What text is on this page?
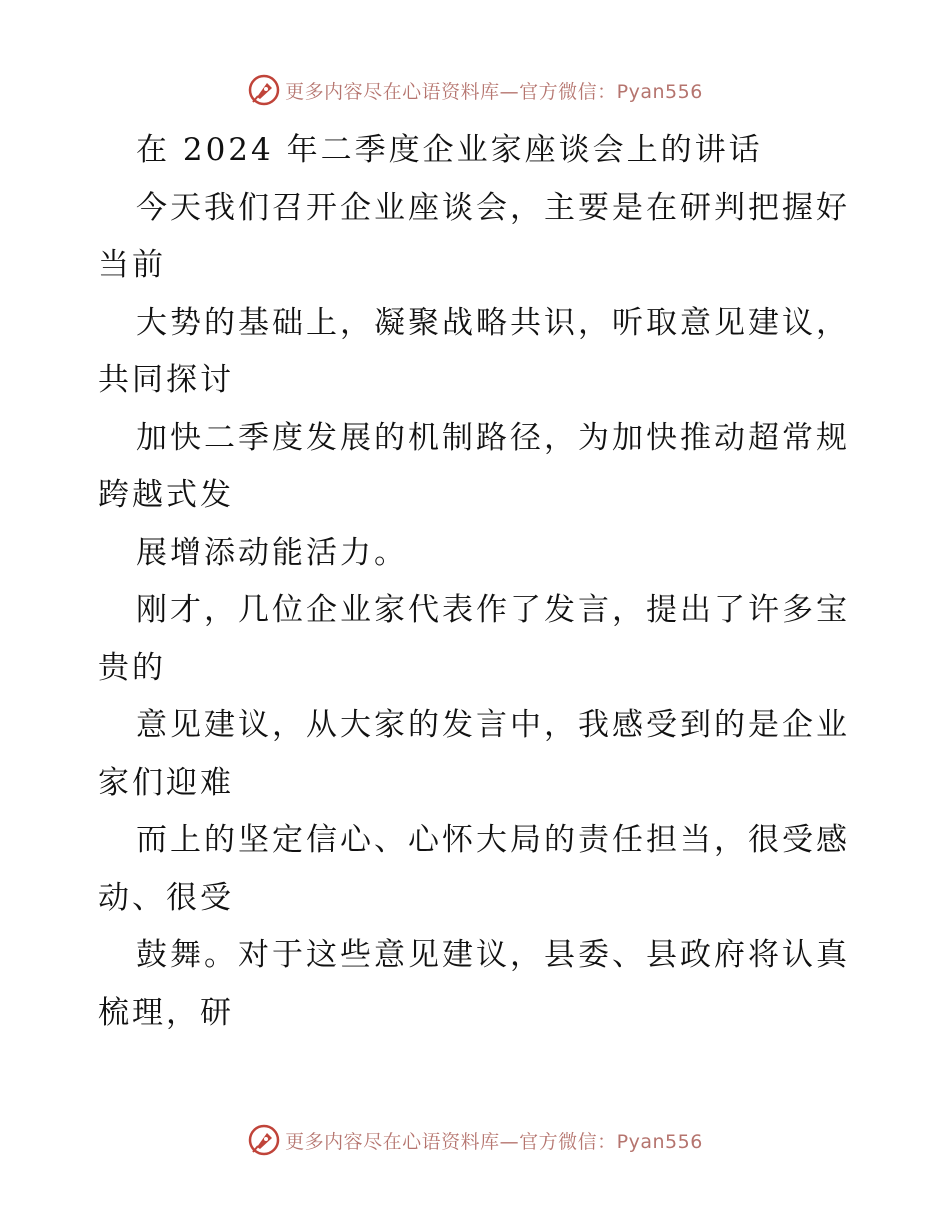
更多内容尽在心语资料库—官方微信：Pyan556
在 2024 年二季度企业家座谈会上的讲话
今天我们召开企业座谈会，主要是在研判把握好
当前
大势的基础上，凝聚战略共识，听取意见建议，
共同探讨
加快二季度发展的机制路径，为加快推动超常规
跨越式发
展增添动能活力。
刚才，几位企业家代表作了发言，提出了许多宝
贵的
意见建议，从大家的发言中，我感受到的是企业
家们迎难
而上的坚定信心、心怀大局的责任担当，很受感
动、很受
鼓舞。对于这些意见建议，县委、县政府将认真
梳理，研
更多内容尽在心语资料库—官方微信：Pyan556
